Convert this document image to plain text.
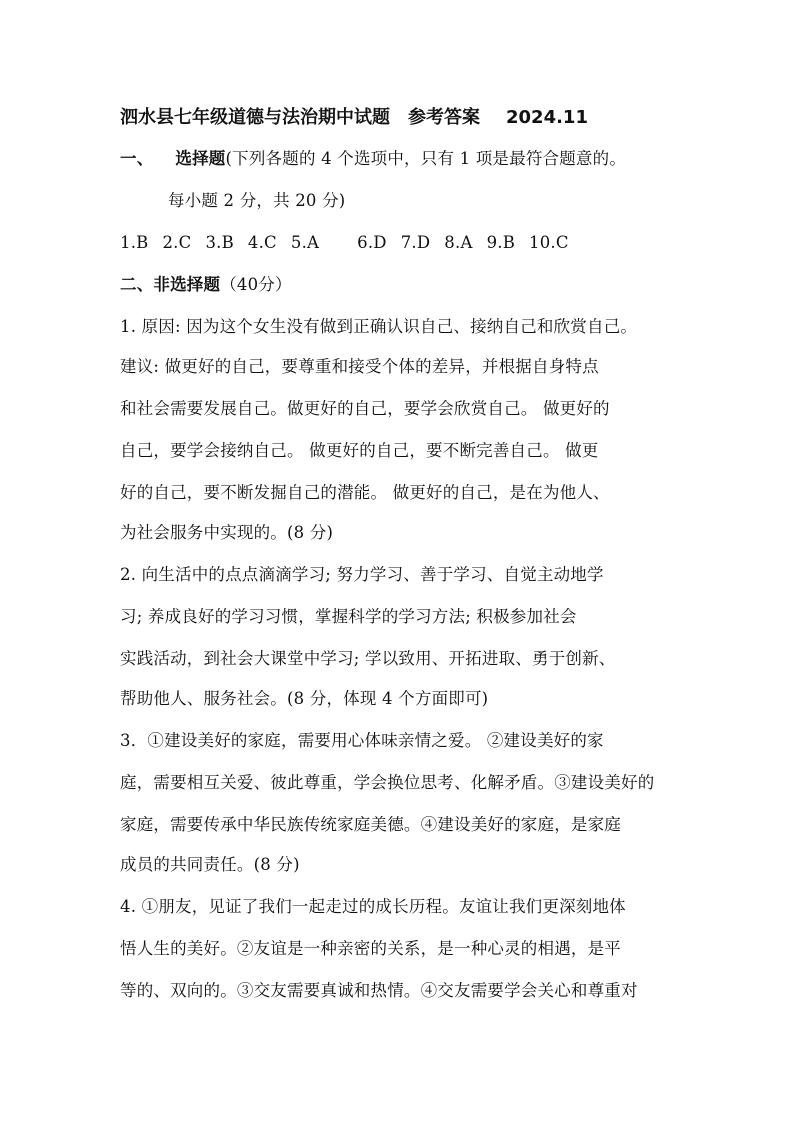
泗水县七年级道德与法治期中试题　参考答案 2024.11
一、 选择题(下列各题的 4 个选项中，只有 1 项是最符合题意的。
每小题 2 分，共 20 分)
1.B 2.C 3.B 4.C 5.A 6.D 7.D 8.A 9.B 10.C
二、非选择题（40分）
1. 原因: 因为这个女生没有做到正确认识自己、接纳自己和欣赏自己。
建议: 做更好的自己，要尊重和接受个体的差异，并根据自身特点
和社会需要发展自己。做更好的自己，要学会欣赏自己。 做更好的
自己，要学会接纳自己。 做更好的自己，要不断完善自己。 做更
好的自己，要不断发掘自己的潜能。 做更好的自己，是在为他人、
为社会服务中实现的。(8 分)
2. 向生活中的点点滴滴学习; 努力学习、善于学习、自觉主动地学
习; 养成良好的学习习惯，掌握科学的学习方法; 积极参加社会
实践活动，到社会大课堂中学习; 学以致用、开拓进取、勇于创新、
帮助他人、服务社会。(8 分，体现 4 个方面即可)
3．①建设美好的家庭，需要用心体味亲情之爱。 ②建设美好的家
庭，需要相互关爱、彼此尊重，学会换位思考、化解矛盾。③建设美好的
家庭，需要传承中华民族传统家庭美德。④建设美好的家庭，是家庭
成员的共同责任。(8 分)
4. ①朋友，见证了我们一起走过的成长历程。友谊让我们更深刻地体
悟人生的美好。②友谊是一种亲密的关系，是一种心灵的相遇，是平
等的、双向的。③交友需要真诚和热情。④交友需要学会关心和尊重对
